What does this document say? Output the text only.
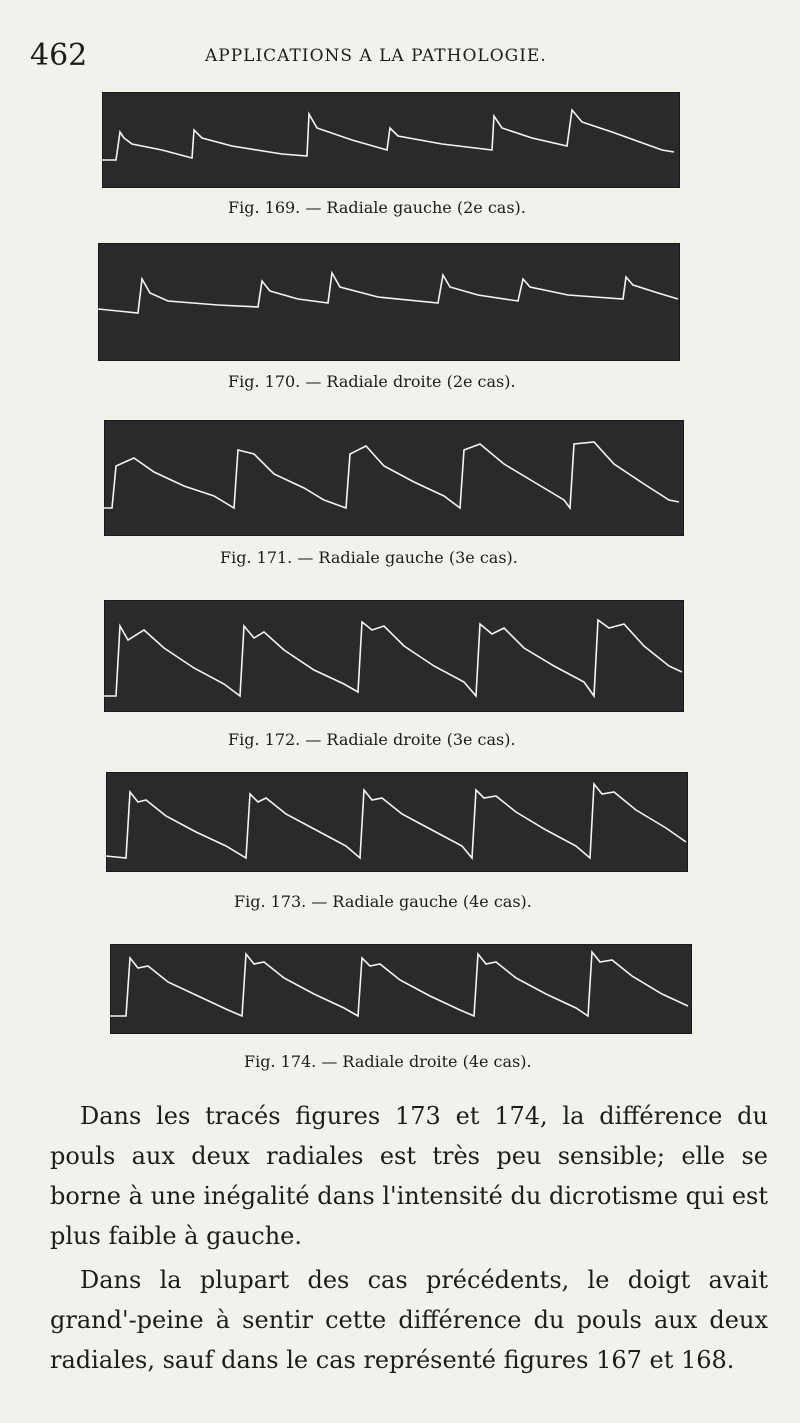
462	APPLICATIONS A LA PATHOLOGIE.
Fig. 169. — Radiale gauche (2e cas).
Fig. 170. — Radiale droite (2e cas).
Fig. 171. — Radiale gauche (3e cas).
Fig. 172. — Radiale droite (3e cas).
Fig. 173. — Radiale gauche (4e cas).
Fig. 174. — Radiale droite (4e cas).

Dans les tracés figures 173 et 174, la différence du pouls aux deux radiales est très peu sensible; elle se borne à une inégalité dans l'intensité du dicrotisme qui est plus faible à gauche.

Dans la plupart des cas précédents, le doigt avait grand'-peine à sentir cette différence du pouls aux deux radiales, sauf dans le cas représenté figures 167 et 168.
